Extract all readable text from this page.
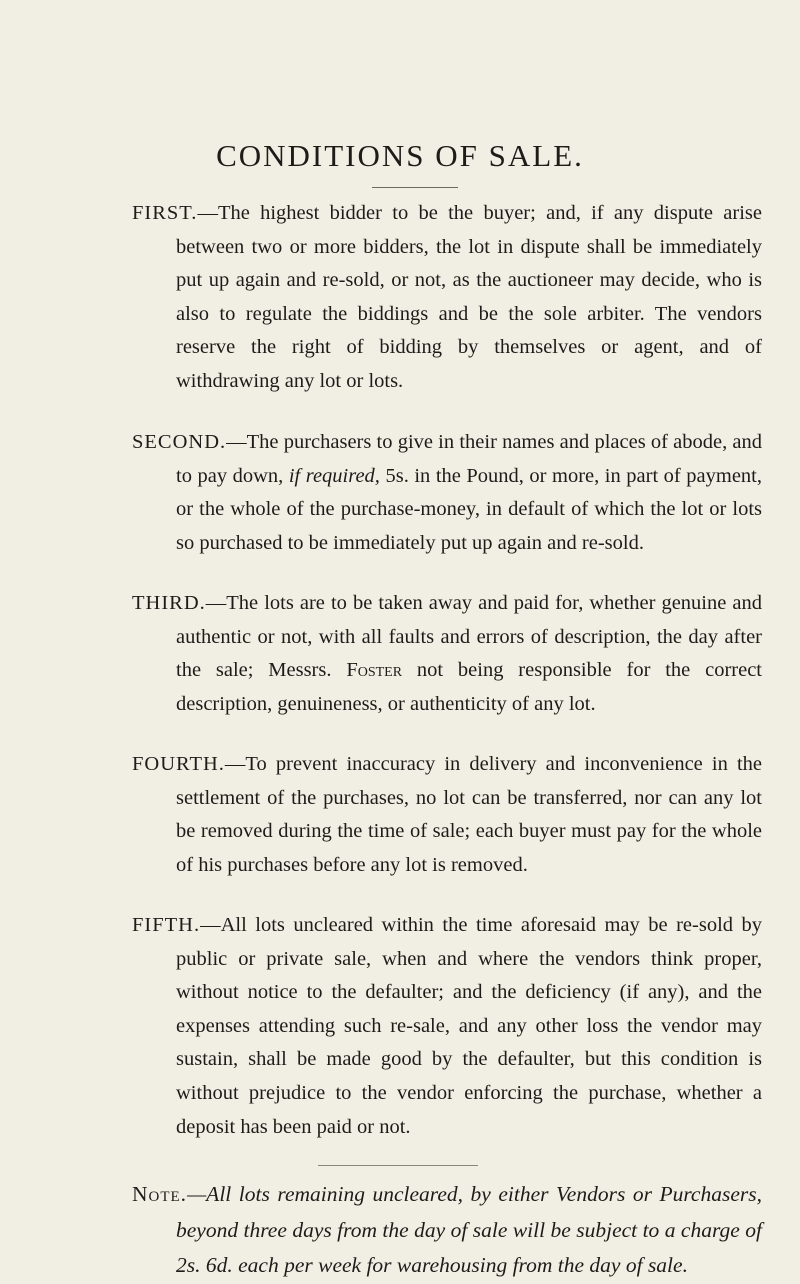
CONDITIONS OF SALE.

FIRST.—The highest bidder to be the buyer; and, if any dispute arise between two or more bidders, the lot in dispute shall be immediately put up again and re-sold, or not, as the auctioneer may decide, who is also to regulate the biddings and be the sole arbiter. The vendors reserve the right of bidding by themselves or agent, and of withdrawing any lot or lots.

SECOND.—The purchasers to give in their names and places of abode, and to pay down, if required, 5s. in the Pound, or more, in part of payment, or the whole of the purchase-money, in default of which the lot or lots so purchased to be immediately put up again and re-sold.

THIRD.—The lots are to be taken away and paid for, whether genuine and authentic or not, with all faults and errors of description, the day after the sale; Messrs. Foster not being responsible for the correct description, genuineness, or authenticity of any lot.

FOURTH.—To prevent inaccuracy in delivery and inconvenience in the settlement of the purchases, no lot can be transferred, nor can any lot be removed during the time of sale; each buyer must pay for the whole of his purchases before any lot is removed.

FIFTH.—All lots uncleared within the time aforesaid may be re-sold by public or private sale, when and where the vendors think proper, without notice to the defaulter; and the deficiency (if any), and the expenses attending such re-sale, and any other loss the vendor may sustain, shall be made good by the defaulter, but this condition is without prejudice to the vendor enforcing the purchase, whether a deposit has been paid or not.

Note.—All lots remaining uncleared, by either Vendors or Purchasers, beyond three days from the day of sale will be subject to a charge of 2s. 6d. each per week for warehousing from the day of sale.
